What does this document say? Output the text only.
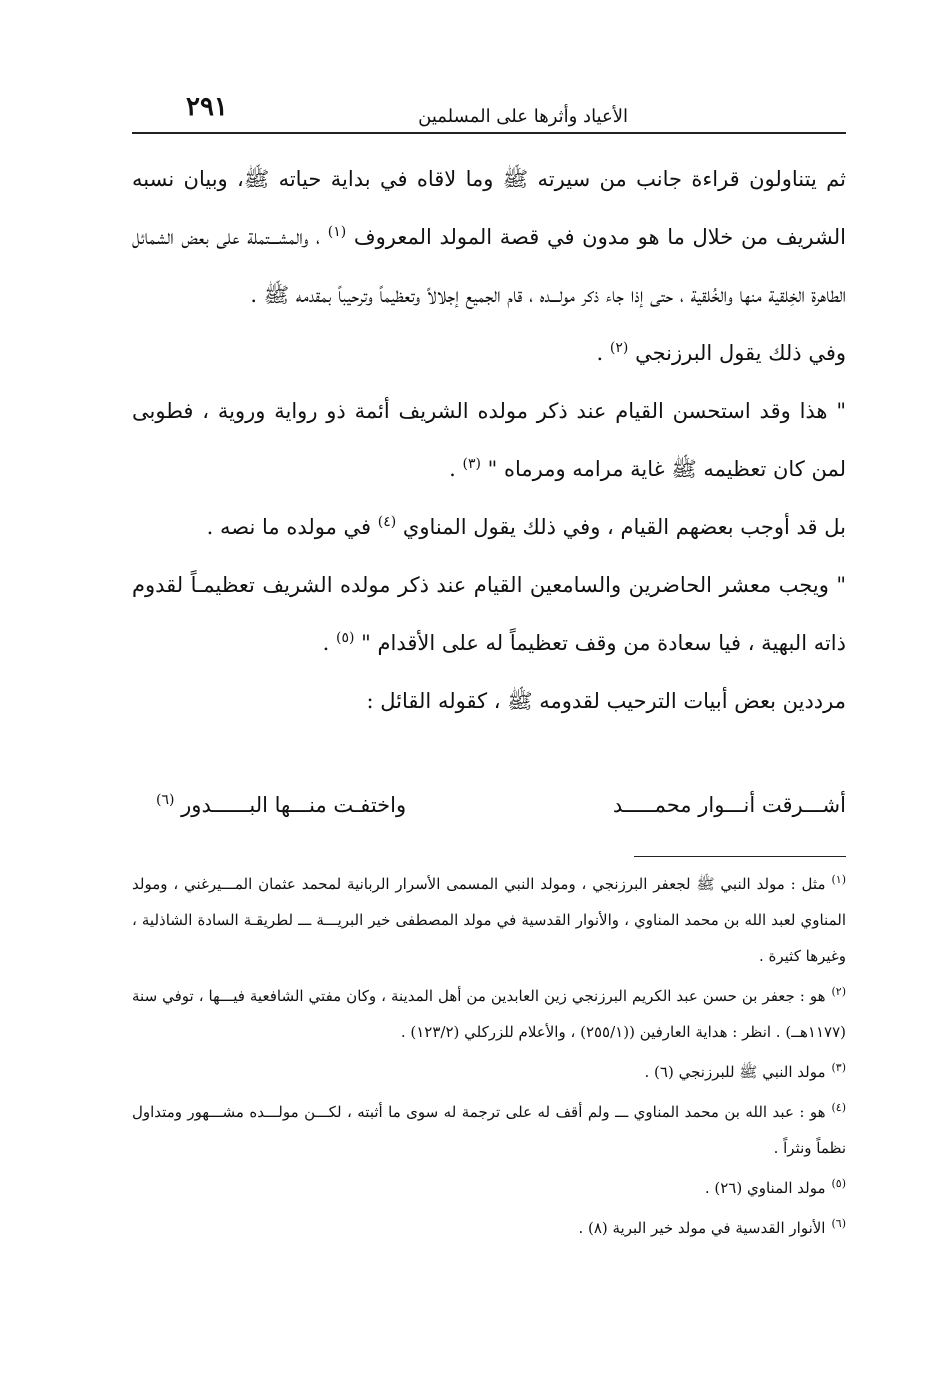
٢٩١	الأعياد وأثرها على المسلمين

ثم يتناولون قراءة جانب من سيرته ﷺ وما لاقاه في بداية حياته ﷺ، وبيان نسبه الشريف من خلال ما هو مدون في قصة المولد المعروف $^{(١)}$ ، والمشـــتملة على بعض الشمائل الطاهرة الخِلقية منها والخُلقية ، حتى إذا جاء ذكر مولـــده ، قام الجميع إجلالاً وتعظيماً وترحيباً بمقدمه ﷺ .

وفي ذلك يقول البرزنجي $^{(٢)}$ .

" هذا وقد استحسن القيام عند ذكر مولده الشريف أئمة ذو رواية وروية ، فطوبى لمن كان تعظيمه ﷺ غاية مرامه ومرماه " $^{(٣)}$ .

بل قد أوجب بعضهم القيام ، وفي ذلك يقول المناوي $^{(٤)}$ في مولده ما نصه .

" ويجب معشر الحاضرين والسامعين القيام عند ذكر مولده الشريف تعظيمـاً لقدوم ذاته البهية ، فيا سعادة من وقف تعظيماً له على الأقدام " $^{(٥)}$ .

مرددين بعض أبيات الترحيب لقدومه ﷺ ، كقوله القائل :

أشـــرقت أنـــوار محمـــــد
واختفـت منـــها البــــــدور $^{(٦)}$

$^{(١)}$مثل : مولد النبي ﷺ لجعفر البرزنجي ، ومولد النبي المسمى الأسرار الربانية لمحمد عثمان المـــيرغني ، ومولد المناوي لعبد الله بن محمد المناوي ، والأنوار القدسية في مولد المصطفى خير البريـــة ـــ لطريقـة السادة الشاذلية ، وغيرها كثيرة .

$^{(٢)}$هو : جعفر بن حسن عبد الكريم البرزنجي زين العابدين من أهل المدينة ، وكان مفتي الشافعية فيـــها ، توفي سنة (١١٧٧هــ) . انظر : هداية العارفين ((٢٥٥/١) ، والأعلام للزركلي (١٢٣/٢) .

$^{(٣)}$مولد النبي ﷺ للبرزنجي (٦) .

$^{(٤)}$هو : عبد الله بن محمد المناوي ـــ ولم أقف له على ترجمة له سوى ما أثبته ، لكـــن مولـــده مشـــهور ومتداول نظماً ونثراً .

$^{(٥)}$مولد المناوي (٢٦) .

$^{(٦)}$الأنوار القدسية في مولد خير البرية (٨) .
